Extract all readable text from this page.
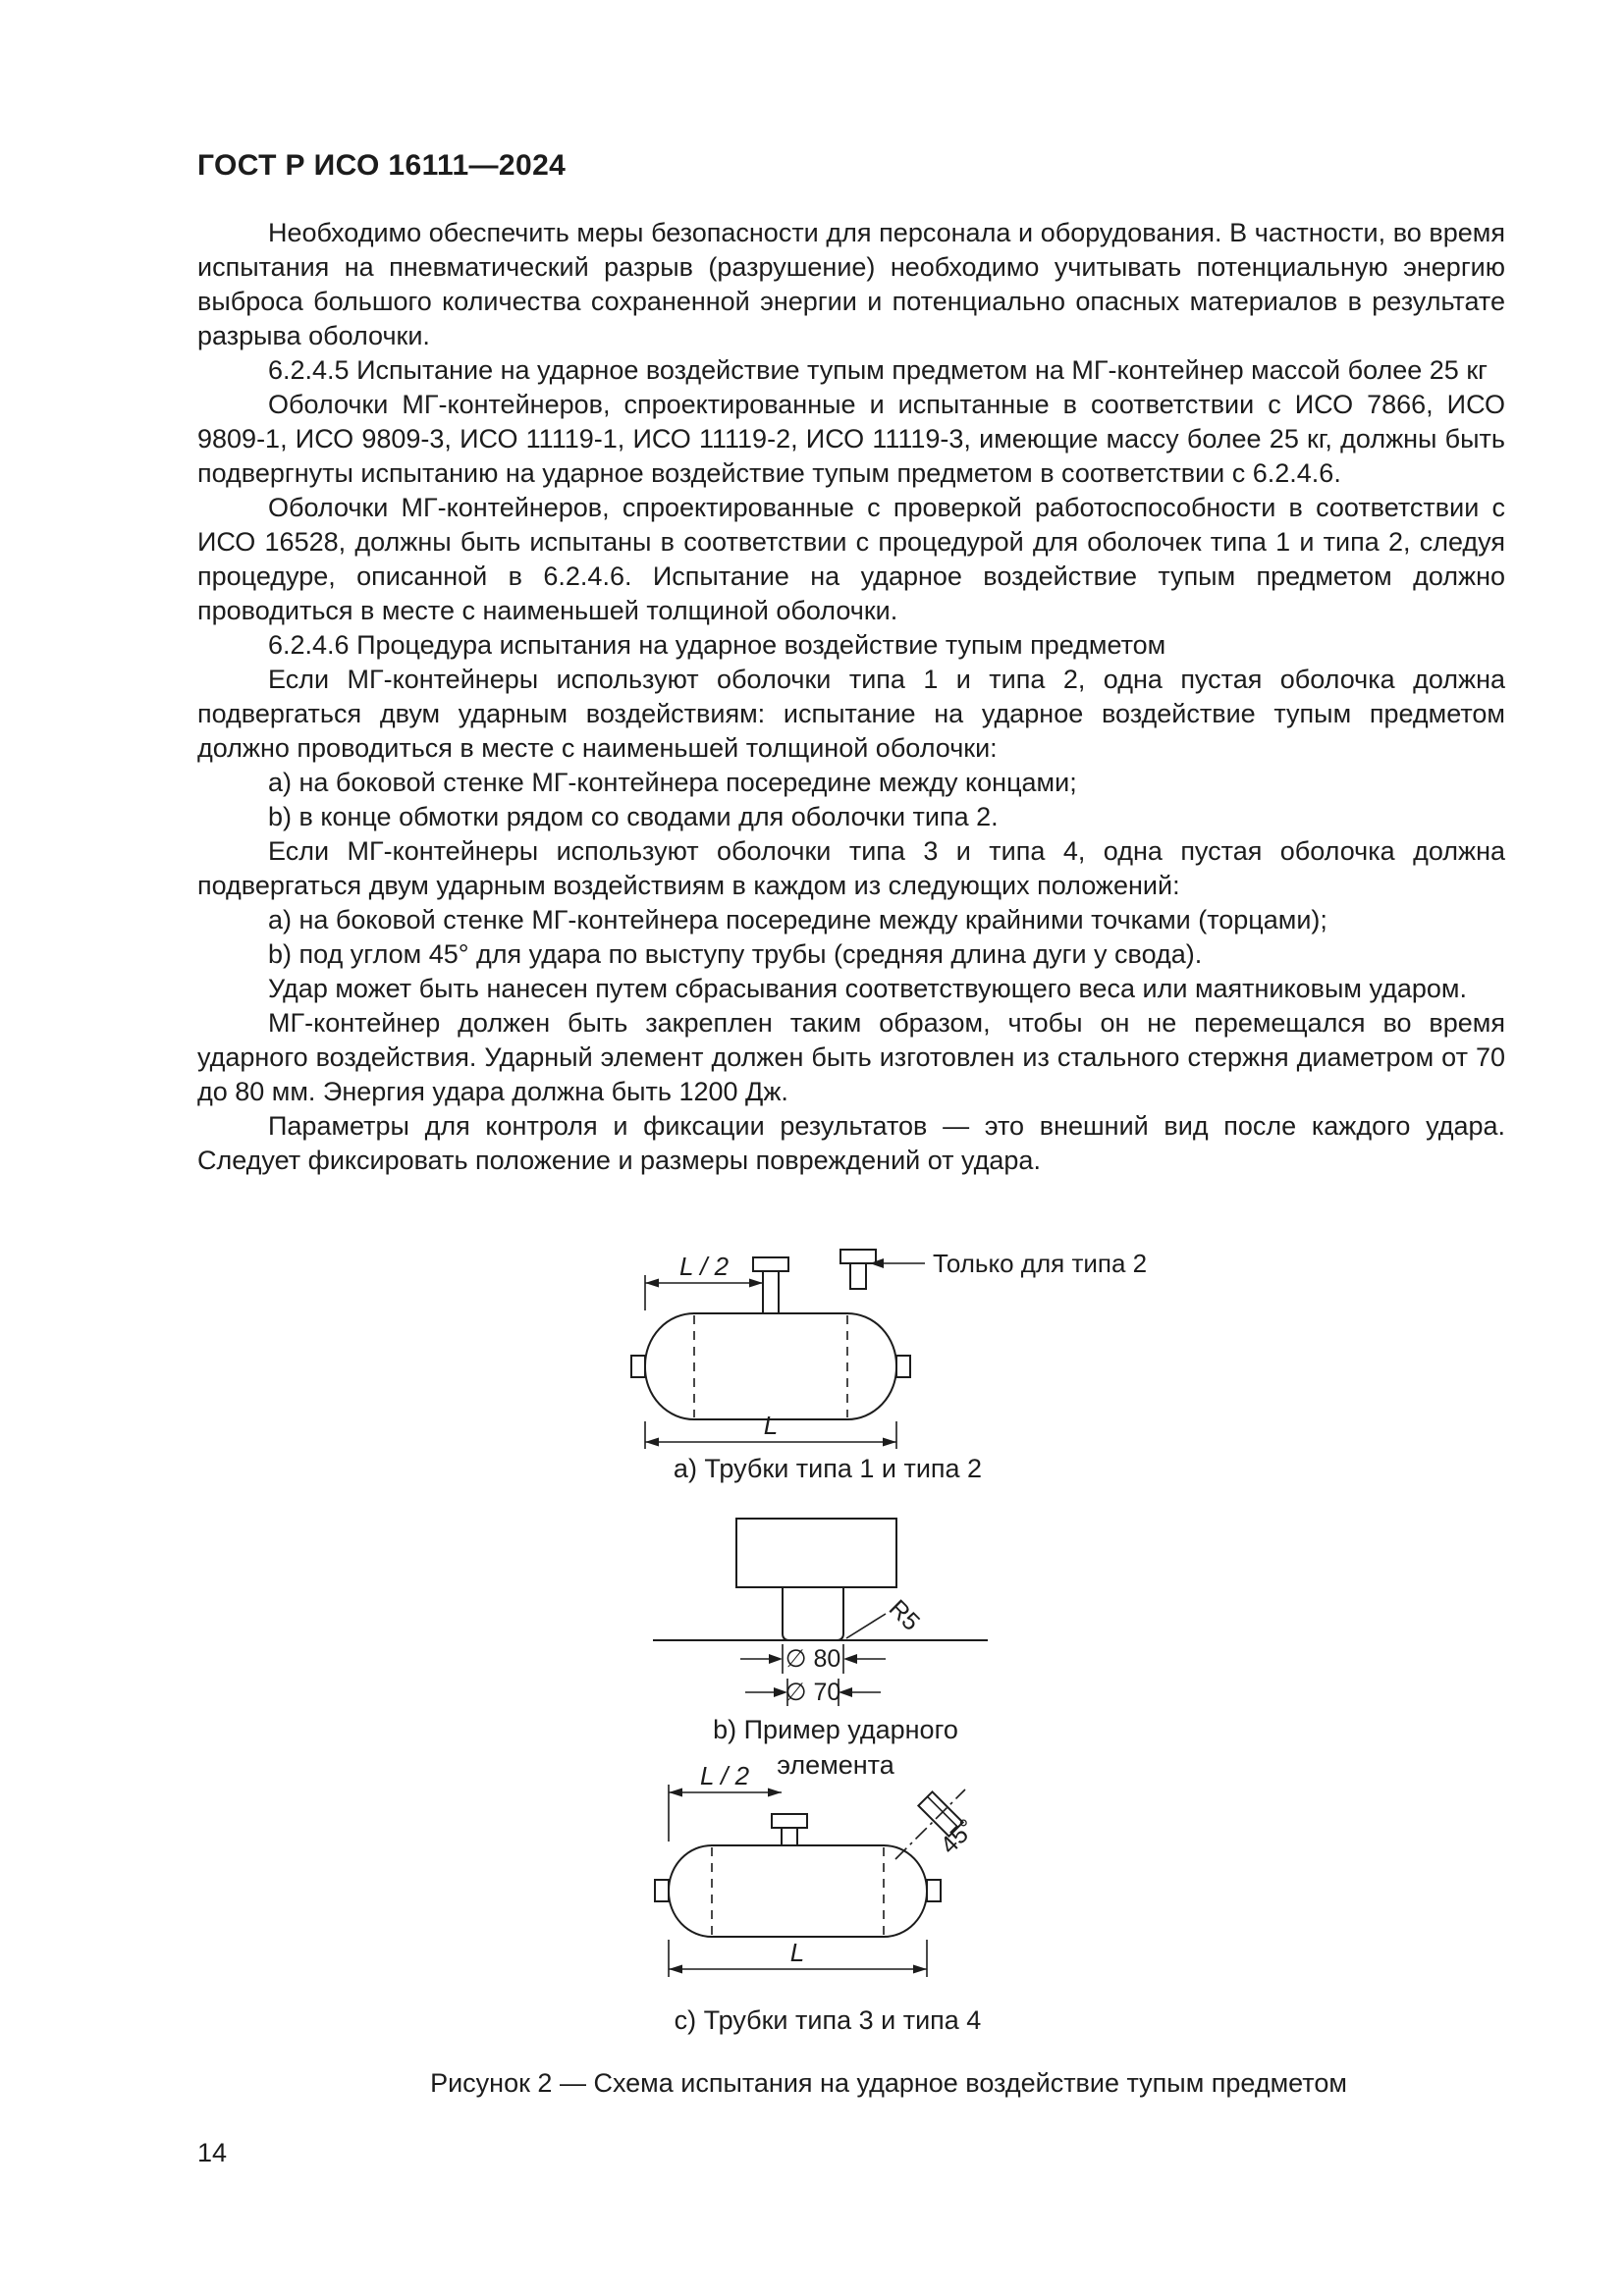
ГОСТ Р ИСО 16111—2024

Необходимо обеспечить меры безопасности для персонала и оборудования. В частности, во время испытания на пневматический разрыв (разрушение) необходимо учитывать потенциальную энергию выброса большого количества сохраненной энергии и потенциально опасных материалов в результате разрыва оболочки.

6.2.4.5 Испытание на ударное воздействие тупым предметом на МГ-контейнер массой более 25 кг

Оболочки МГ-контейнеров, спроектированные и испытанные в соответствии с ИСО 7866, ИСО 9809-1, ИСО 9809-3, ИСО 11119-1, ИСО 11119-2, ИСО 11119-3, имеющие массу более 25 кг, должны быть подвергнуты испытанию на ударное воздействие тупым предметом в соответствии с 6.2.4.6.

Оболочки МГ-контейнеров, спроектированные с проверкой работоспособности в соответствии с ИСО 16528, должны быть испытаны в соответствии с процедурой для оболочек типа 1 и типа 2, следуя процедуре, описанной в 6.2.4.6. Испытание на ударное воздействие тупым предметом должно проводиться в месте с наименьшей толщиной оболочки.

6.2.4.6 Процедура испытания на ударное воздействие тупым предметом

Если МГ-контейнеры используют оболочки типа 1 и типа 2, одна пустая оболочка должна подвергаться двум ударным воздействиям: испытание на ударное воздействие тупым предметом должно проводиться в месте с наименьшей толщиной оболочки:

a) на боковой стенке МГ-контейнера посередине между концами;

b) в конце обмотки рядом со сводами для оболочки типа 2.

Если МГ-контейнеры используют оболочки типа 3 и типа 4, одна пустая оболочка должна подвергаться двум ударным воздействиям в каждом из следующих положений:

a) на боковой стенке МГ-контейнера посередине между крайними точками (торцами);

b) под углом 45° для удара по выступу трубы (средняя длина дуги у свода).

Удар может быть нанесен путем сбрасывания соответствующего веса или маятниковым ударом.

МГ-контейнер должен быть закреплен таким образом, чтобы он не перемещался во время ударного воздействия. Ударный элемент должен быть изготовлен из стального стержня диаметром от 70 до 80 мм. Энергия удара должна быть 1200 Дж.

Параметры для контроля и фиксации результатов — это внешний вид после каждого удара. Следует фиксировать положение и размеры повреждений от удара.

Только для типа 2
L / 2
L
a) Трубки типа 1 и типа 2
∅ 80
∅ 70
R5
b) Пример ударного
элемента
L / 2
45°
L
c) Трубки типа 3 и типа 4
Рисунок 2 — Схема испытания на ударное воздействие тупым предметом
14
